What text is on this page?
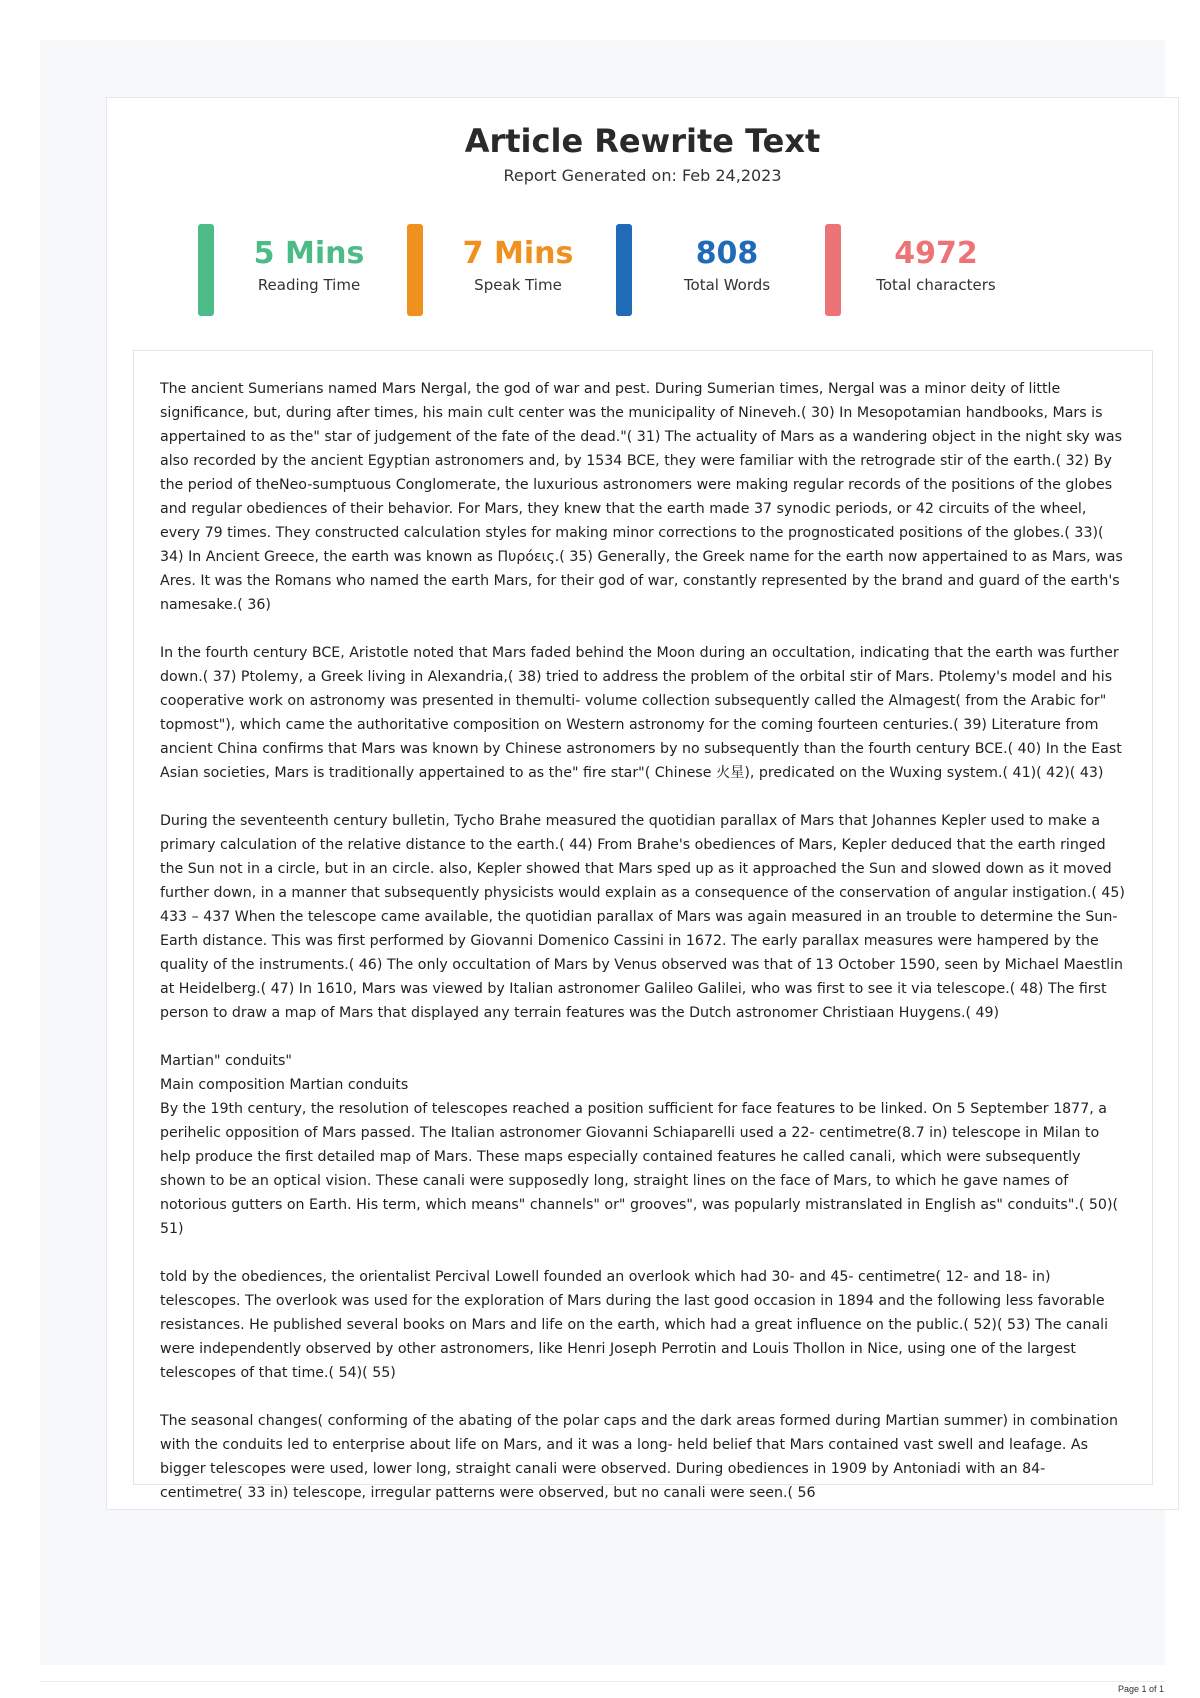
Article Rewrite Text
Report Generated on: Feb 24,2023
5 Mins
Reading Time
7 Mins
Speak Time
808
Total Words
4972
Total characters

The ancient Sumerians named Mars Nergal, the god of war and pest. During Sumerian times, Nergal was a minor deity of little significance, but, during after times, his main cult center was the municipality of Nineveh.( 30) In Mesopotamian handbooks, Mars is appertained to as the" star of judgement of the fate of the dead."( 31) The actuality of Mars as a wandering object in the night sky was also recorded by the ancient Egyptian astronomers and, by 1534 BCE, they were familiar with the retrograde stir of the earth.( 32) By the period of theNeo-sumptuous Conglomerate, the luxurious astronomers were making regular records of the positions of the globes and regular obediences of their behavior. For Mars, they knew that the earth made 37 synodic periods, or 42 circuits of the wheel, every 79 times. They constructed calculation styles for making minor corrections to the prognosticated positions of the globes.( 33)( 34) In Ancient Greece, the earth was known as Πυρόεις.( 35) Generally, the Greek name for the earth now appertained to as Mars, was Ares. It was the Romans who named the earth Mars, for their god of war, constantly represented by the brand and guard of the earth's namesake.( 36)

In the fourth century BCE, Aristotle noted that Mars faded behind the Moon during an occultation, indicating that the earth was further down.( 37) Ptolemy, a Greek living in Alexandria,( 38) tried to address the problem of the orbital stir of Mars. Ptolemy's model and his cooperative work on astronomy was presented in themulti- volume collection subsequently called the Almagest( from the Arabic for" topmost"), which came the authoritative composition on Western astronomy for the coming fourteen centuries.( 39) Literature from ancient China confirms that Mars was known by Chinese astronomers by no subsequently than the fourth century BCE.( 40) In the East Asian societies, Mars is traditionally appertained to as the" fire star"( Chinese 火星), predicated on the Wuxing system.( 41)( 42)( 43)

During the seventeenth century bulletin, Tycho Brahe measured the quotidian parallax of Mars that Johannes Kepler used to make a primary calculation of the relative distance to the earth.( 44) From Brahe's obediences of Mars, Kepler deduced that the earth ringed the Sun not in a circle, but in an circle. also, Kepler showed that Mars sped up as it approached the Sun and slowed down as it moved further down, in a manner that subsequently physicists would explain as a consequence of the conservation of angular instigation.( 45) 433 – 437 When the telescope came available, the quotidian parallax of Mars was again measured in an trouble to determine the Sun- Earth distance. This was first performed by Giovanni Domenico Cassini in 1672. The early parallax measures were hampered by the quality of the instruments.( 46) The only occultation of Mars by Venus observed was that of 13 October 1590, seen by Michael Maestlin at Heidelberg.( 47) In 1610, Mars was viewed by Italian astronomer Galileo Galilei, who was first to see it via telescope.( 48) The first person to draw a map of Mars that displayed any terrain features was the Dutch astronomer Christiaan Huygens.( 49)

Martian" conduits"

Main composition Martian conduits

By the 19th century, the resolution of telescopes reached a position sufficient for face features to be linked. On 5 September 1877, a perihelic opposition of Mars passed. The Italian astronomer Giovanni Schiaparelli used a 22- centimetre(8.7 in) telescope in Milan to help produce the first detailed map of Mars. These maps especially contained features he called canali, which were subsequently shown to be an optical vision. These canali were supposedly long, straight lines on the face of Mars, to which he gave names of notorious gutters on Earth. His term, which means" channels" or" grooves", was popularly mistranslated in English as" conduits".( 50)( 51)

told by the obediences, the orientalist Percival Lowell founded an overlook which had 30- and 45- centimetre( 12- and 18- in) telescopes. The overlook was used for the exploration of Mars during the last good occasion in 1894 and the following less favorable resistances. He published several books on Mars and life on the earth, which had a great influence on the public.( 52)( 53) The canali were independently observed by other astronomers, like Henri Joseph Perrotin and Louis Thollon in Nice, using one of the largest telescopes of that time.( 54)( 55)

The seasonal changes( conforming of the abating of the polar caps and the dark areas formed during Martian summer) in combination with the conduits led to enterprise about life on Mars, and it was a long- held belief that Mars contained vast swell and leafage. As bigger telescopes were used, lower long, straight canali were observed. During obediences in 1909 by Antoniadi with an 84- centimetre( 33 in) telescope, irregular patterns were observed, but no canali were seen.( 56

Page 1 of 1
